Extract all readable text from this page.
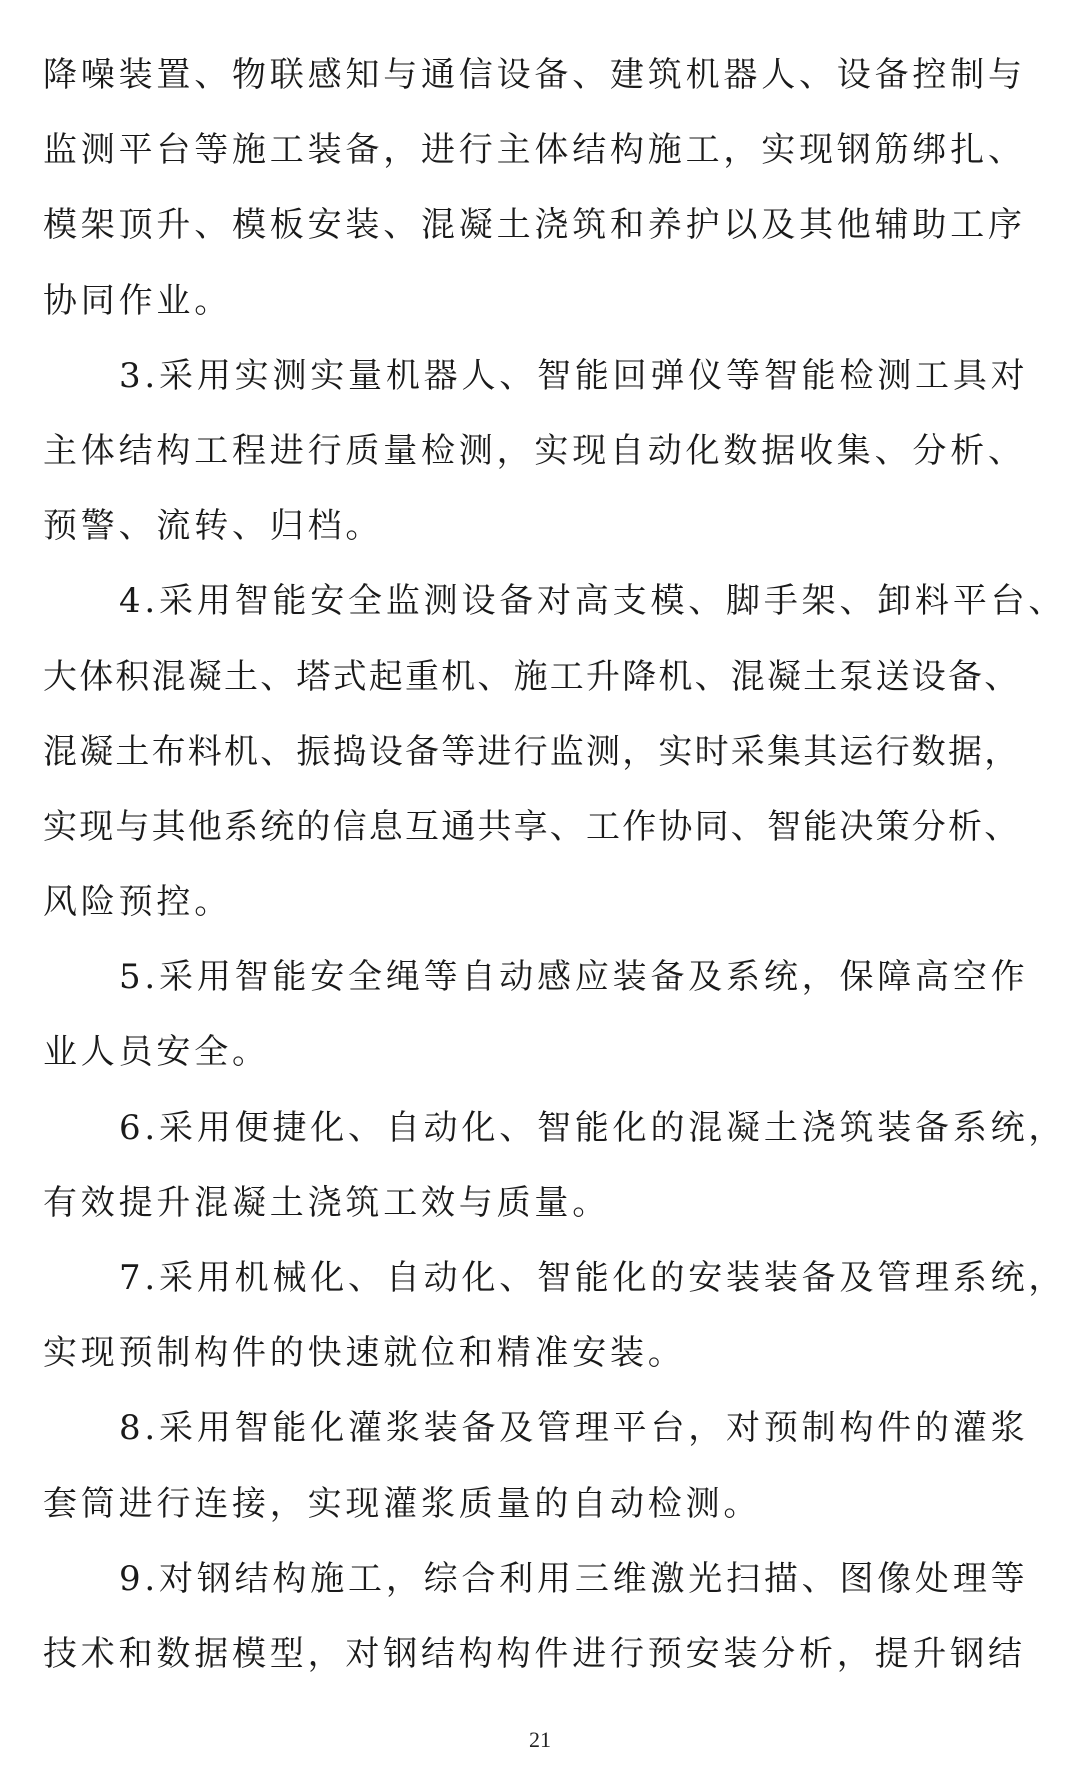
降噪装置、物联感知与通信设备、建筑机器人、设备控制与
监测平台等施工装备，进行主体结构施工，实现钢筋绑扎、
模架顶升、模板安装、混凝土浇筑和养护以及其他辅助工序
协同作业。
3.采用实测实量机器人、智能回弹仪等智能检测工具对
主体结构工程进行质量检测，实现自动化数据收集、分析、
预警、流转、归档。
4.采用智能安全监测设备对高支模、脚手架、卸料平台、
大体积混凝土、塔式起重机、施工升降机、混凝土泵送设备、
混凝土布料机、振捣设备等进行监测，实时采集其运行数据，
实现与其他系统的信息互通共享、工作协同、智能决策分析、
风险预控。
5.采用智能安全绳等自动感应装备及系统，保障高空作
业人员安全。
6.采用便捷化、自动化、智能化的混凝土浇筑装备系统，
有效提升混凝土浇筑工效与质量。
7.采用机械化、自动化、智能化的安装装备及管理系统，
实现预制构件的快速就位和精准安装。
8.采用智能化灌浆装备及管理平台，对预制构件的灌浆
套筒进行连接，实现灌浆质量的自动检测。
9.对钢结构施工，综合利用三维激光扫描、图像处理等
技术和数据模型，对钢结构构件进行预安装分析，提升钢结
21
